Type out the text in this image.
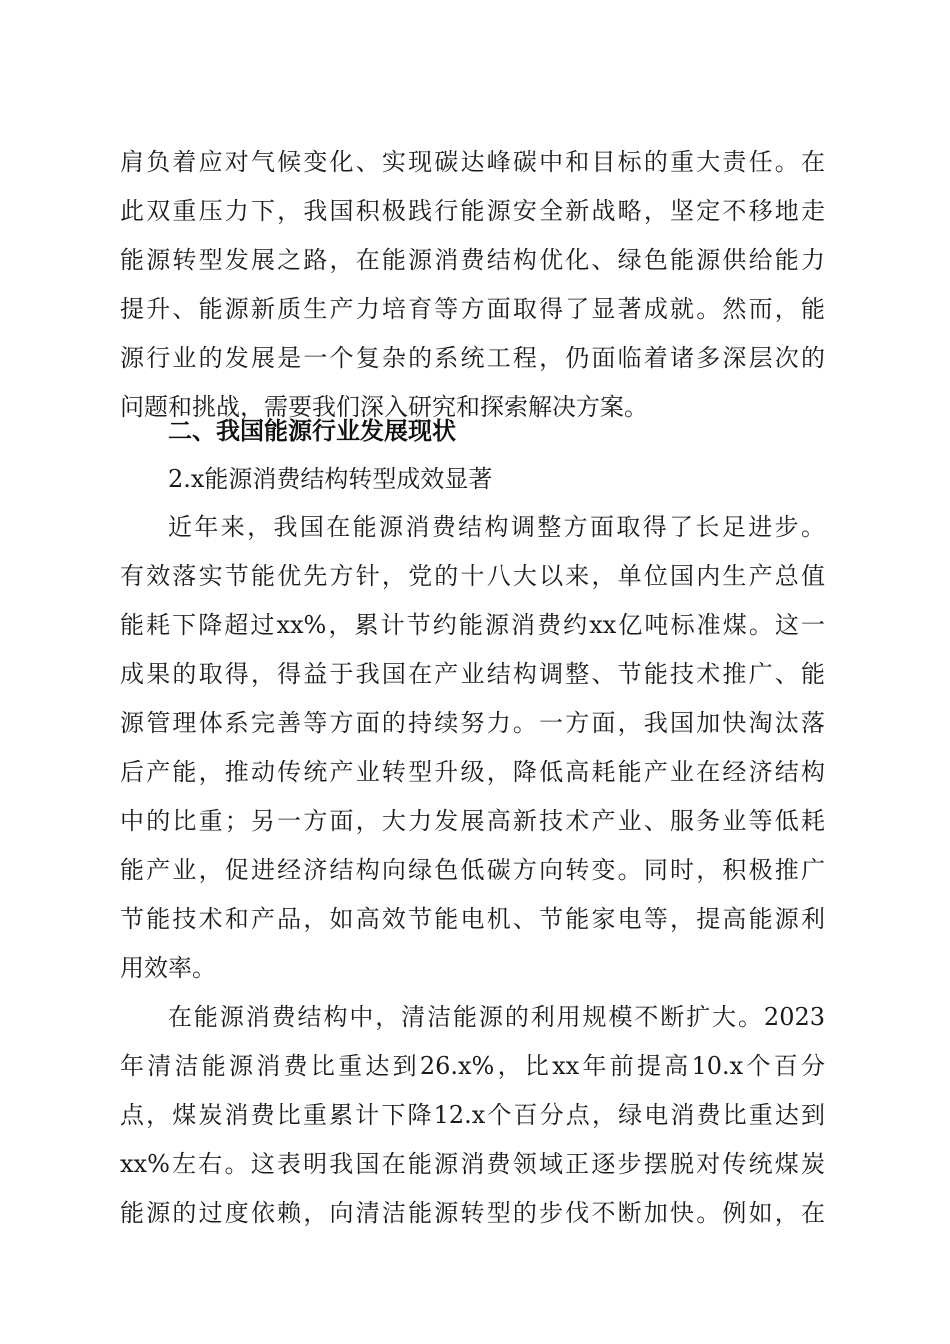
肩负着应对气候变化、实现碳达峰碳中和目标的重大责任。在
此双重压力下，我国积极践行能源安全新战略，坚定不移地走
能源转型发展之路，在能源消费结构优化、绿色能源供给能力
提升、能源新质生产力培育等方面取得了显著成就。然而，能
源行业的发展是一个复杂的系统工程，仍面临着诸多深层次的
问题和挑战，需要我们深入研究和探索解决方案。
二、我国能源行业发展现状
2.x能源消费结构转型成效显著
近年来，我国在能源消费结构调整方面取得了长足进步。
有效落实节能优先方针，党的十八大以来，单位国内生产总值
能耗下降超过xx%，累计节约能源消费约xx亿吨标准煤。这一
成果的取得，得益于我国在产业结构调整、节能技术推广、能
源管理体系完善等方面的持续努力。一方面，我国加快淘汰落
后产能，推动传统产业转型升级，降低高耗能产业在经济结构
中的比重；另一方面，大力发展高新技术产业、服务业等低耗
能产业，促进经济结构向绿色低碳方向转变。同时，积极推广
节能技术和产品，如高效节能电机、节能家电等，提高能源利
用效率。
在能源消费结构中，清洁能源的利用规模不断扩大。2023
年清洁能源消费比重达到26.x%，比xx年前提高10.x个百分
点，煤炭消费比重累计下降12.x个百分点，绿电消费比重达到
xx%左右。这表明我国在能源消费领域正逐步摆脱对传统煤炭
能源的过度依赖，向清洁能源转型的步伐不断加快。例如，在
